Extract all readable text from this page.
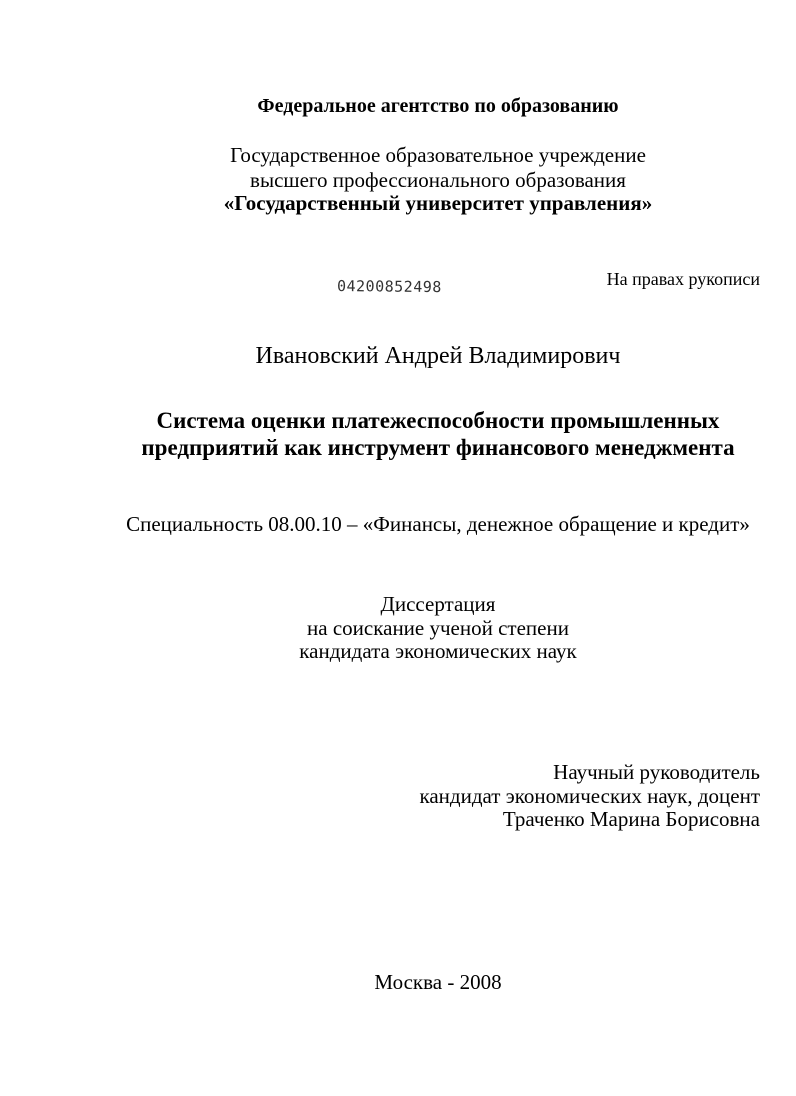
Федеральное агентство по образованию
Государственное образовательное учреждение
высшего профессионального образования
«Государственный университет управления»
04200852498	На правах рукописи
Ивановский Андрей Владимирович
Система оценки платежеспособности промышленных
предприятий как инструмент финансового менеджмента
Специальность 08.00.10 – «Финансы, денежное обращение и кредит»
Диссертация
на соискание ученой степени
кандидата экономических наук
Научный руководитель
кандидат экономических наук, доцент
Траченко Марина Борисовна
Москва - 2008
